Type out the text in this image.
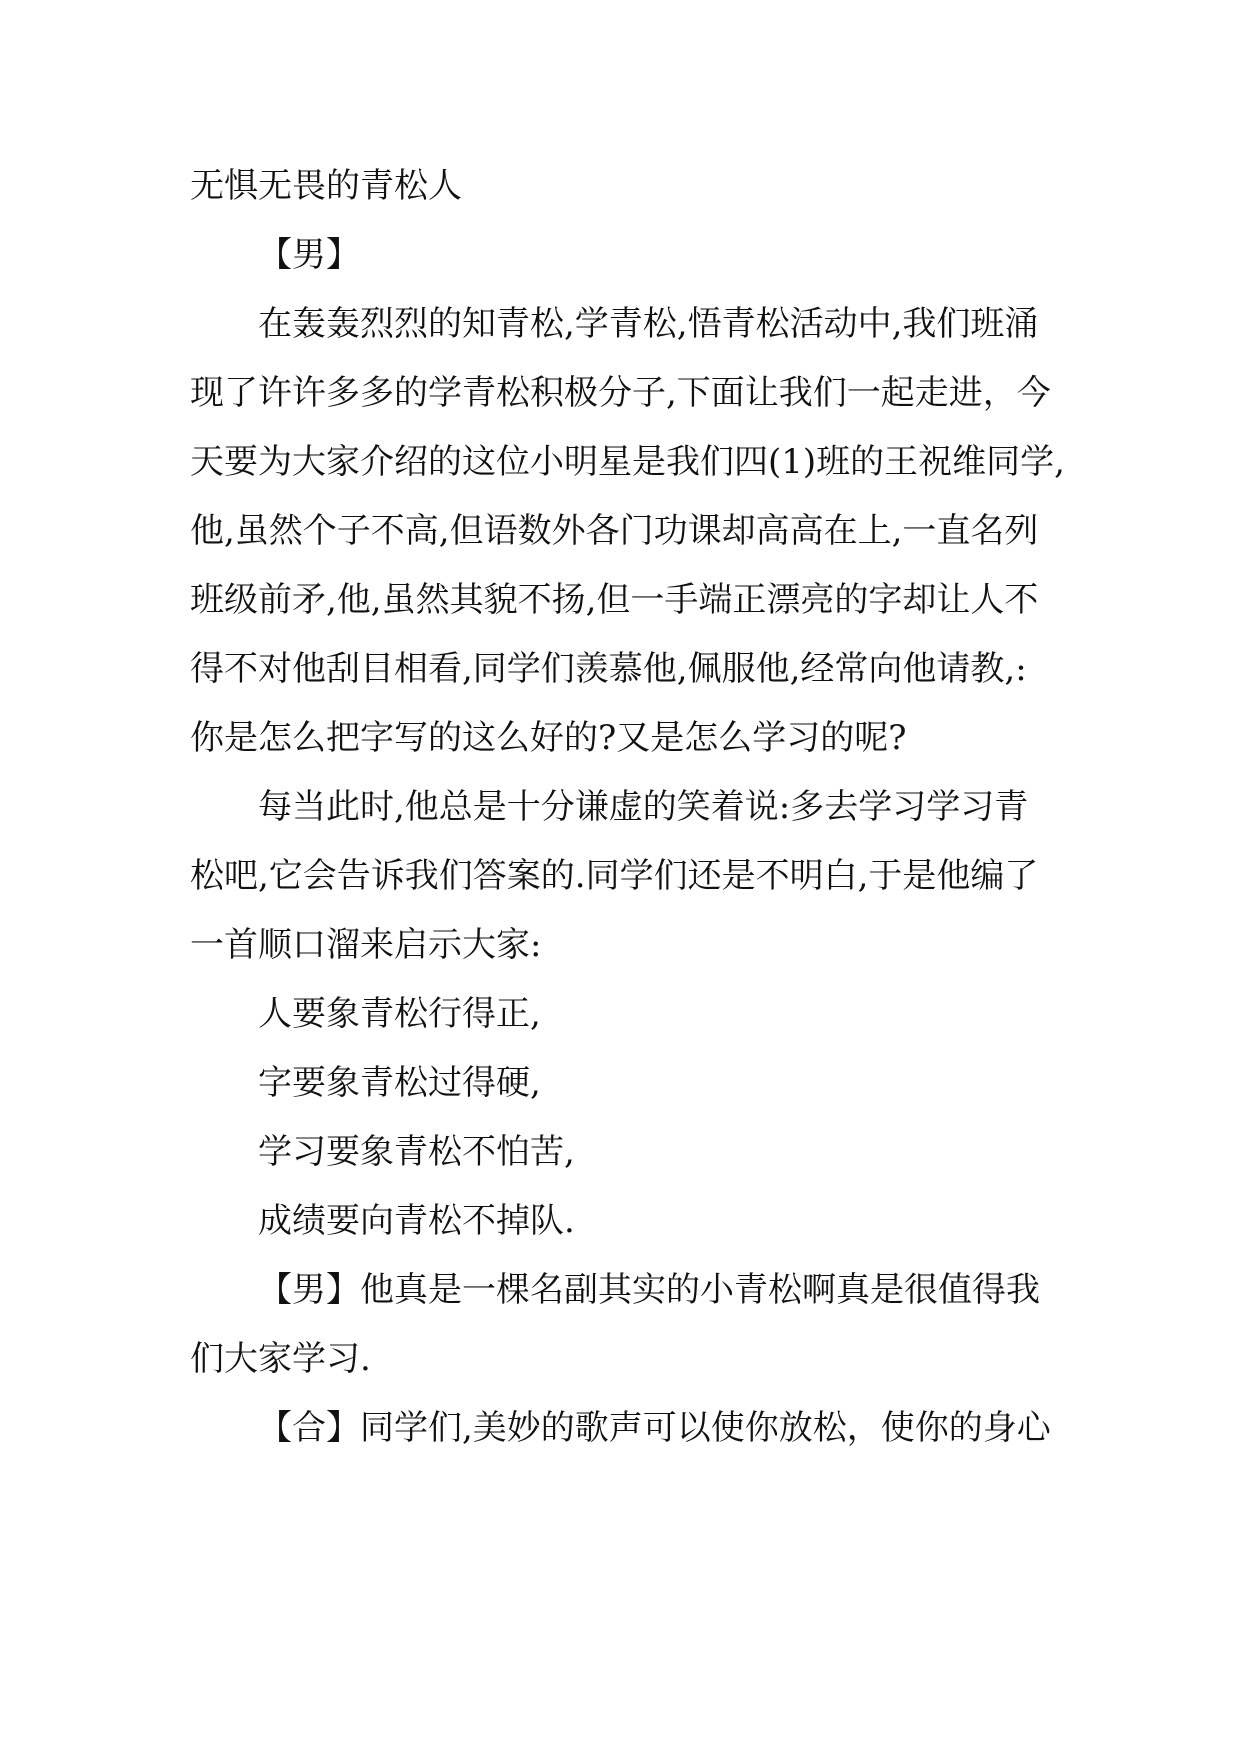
无惧无畏的青松人
【男】
在轰轰烈烈的知青松,学青松,悟青松活动中,我们班涌
现了许许多多的学青松积极分子,下面让我们一起走进，今
天要为大家介绍的这位小明星是我们四(1)班的王祝维同学,
他,虽然个子不高,但语数外各门功课却高高在上,一直名列
班级前矛,他,虽然其貌不扬,但一手端正漂亮的字却让人不
得不对他刮目相看,同学们羡慕他,佩服他,经常向他请教,:
你是怎么把字写的这么好的?又是怎么学习的呢?
每当此时,他总是十分谦虚的笑着说:多去学习学习青
松吧,它会告诉我们答案的.同学们还是不明白,于是他编了
一首顺口溜来启示大家:
人要象青松行得正,
字要象青松过得硬,
学习要象青松不怕苦,
成绩要向青松不掉队.
【男】他真是一棵名副其实的小青松啊真是很值得我
们大家学习.
【合】同学们,美妙的歌声可以使你放松，使你的身心
